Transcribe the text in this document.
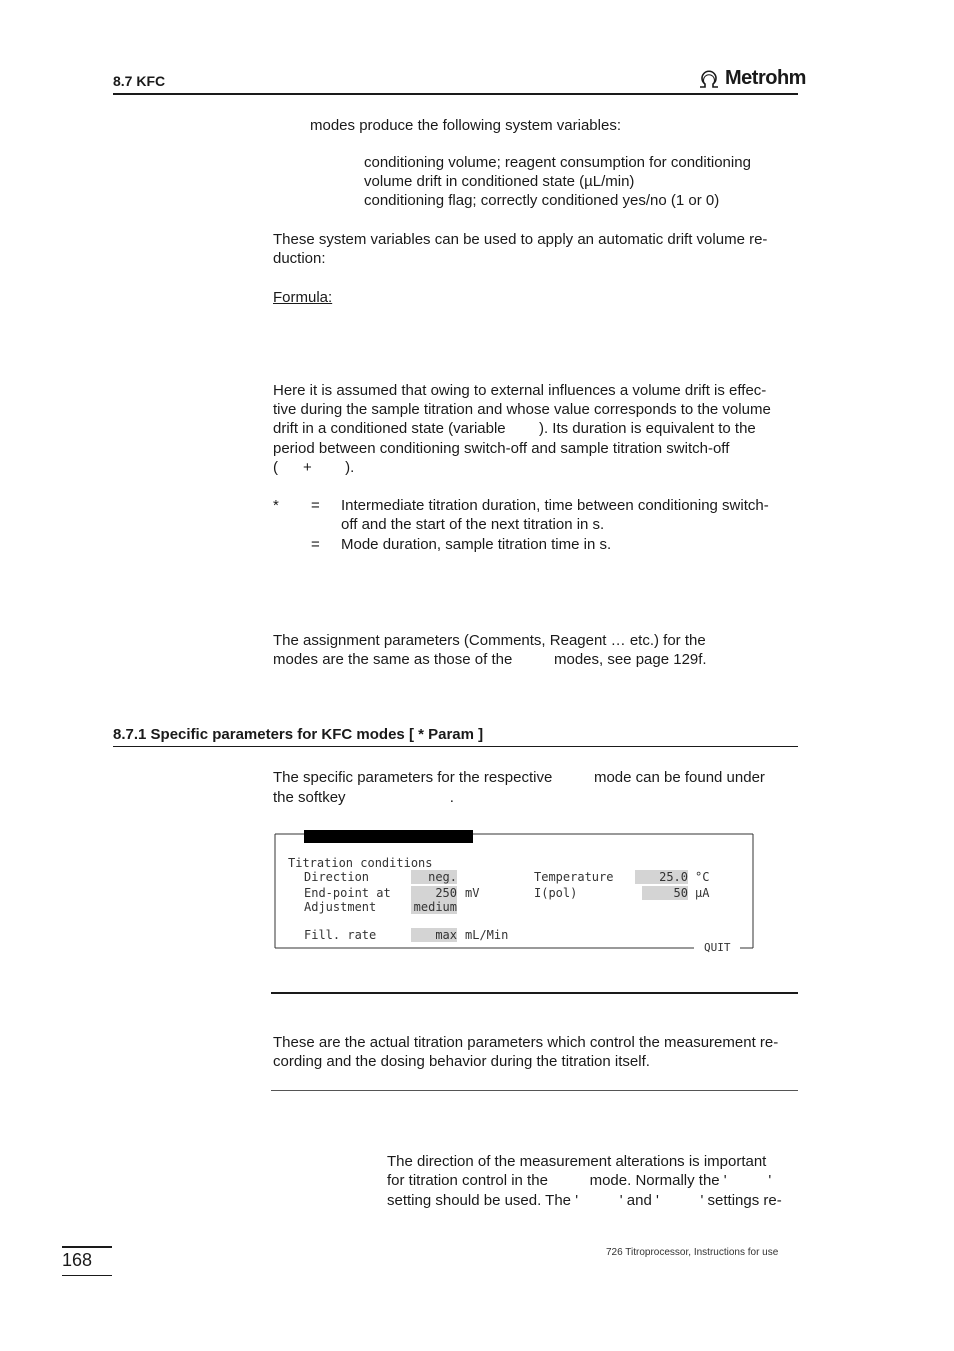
8.7 KFC	Metrohm
modes produce the following system variables:
conditioning volume; reagent consumption for conditioning
volume drift in conditioned state (µL/min)
conditioning flag; correctly conditioned yes/no (1 or 0)
These system variables can be used to apply an automatic drift volume re-
duction:
Formula:
Here it is assumed that owing to external influences a volume drift is effec-
tive during the sample titration and whose value corresponds to the volume
drift in a conditioned state (variable        ). Its duration is equivalent to the
period between conditioning switch-off and sample titration switch-off
(      +        ).
* = Intermediate titration duration, time between conditioning switch-
off and the start of the next titration in s.
= Mode duration, sample titration time in s.
The assignment parameters (Comments, Reagent … etc.) for the
modes are the same as those of the          modes, see page 129f.
8.7.1 Specific parameters for KFC modes [ * Param ]
The specific parameters for the respective          mode can be found under
the softkey                         .
Titration conditions
Direction	neg.
End-point at	250 mV
Adjustment	medium
Fill. rate	max mL/Min
Temperature	25.0 °C
I(pol)	50 µA
QUIT
These are the actual titration parameters which control the measurement re-
cording and the dosing behavior during the titration itself.
The direction of the measurement alterations is important
for titration control in the          mode. Normally the '          '
setting should be used. The '          ' and '          ' settings re-
168	726 Titroprocessor, Instructions for use
